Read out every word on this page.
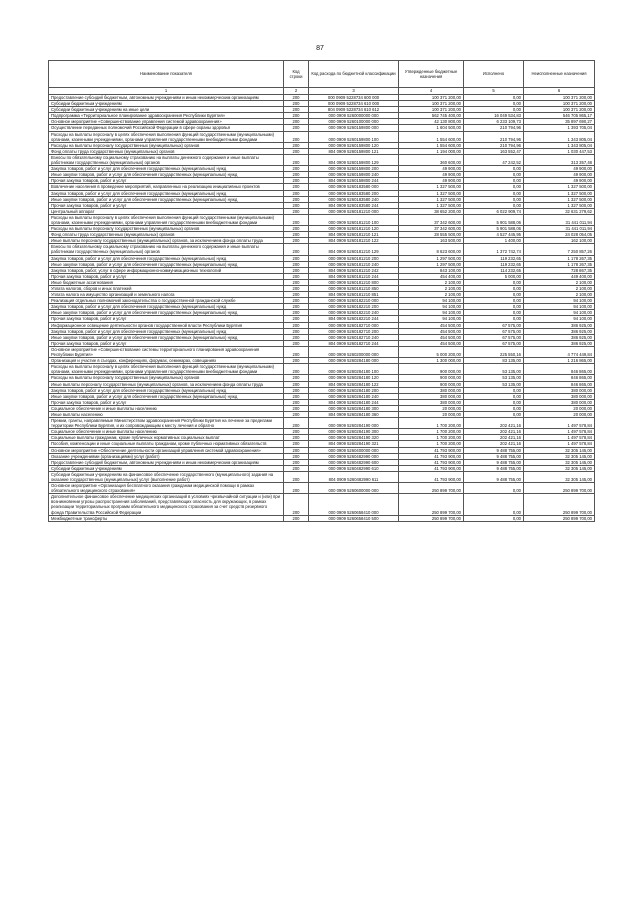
87
Наименование показателя	Код строки	Код расхода по бюджетной классификации	Утвержденные бюджетные назначения	Исполнено	Неисполненные назначения
1	2	3	4	5	6
Предоставление субсидий бюджетным, автономным учреждениям и иным некоммерческим организациям	200	000 0909 5228734 600 000	100 371 200,00	0,00	100 371 200,00
Субсидии бюджетным учреждениям	200	000 0909 5228734 610 000	100 371 200,00	0,00	100 371 200,00
Субсидии бюджетным учреждениям на иные цели	200	804 0909 5228734 610 612	100 371 200,00	0,00	100 371 200,00
Подпрограмма «Территориальное планирование здравоохранения Республики Бурятия»	200	000 0909 5260000000 000	562 745 400,00	16 049 534,83	546 705 865,17
Основное мероприятие «Совершенствование управления системой здравоохранения»	200	000 0909 5260100000 000	42 130 800,00	6 233 109,73	35 897 690,27
Осуществление переданных полномочий Российской Федерации в сфере охраны здоровья	200	000 0909 5260159800 000	1 604 500,00	210 794,96	1 393 705,04
Расходы на выплаты персоналу в целях обеспечения выполнения функций государственными (муниципальными) органами, казенными учреждениями, органами управления государственными внебюджетными фондами	200	000 0909 5260159800 100	1 554 600,00	210 794,96	1 343 805,04
Расходы на выплаты персоналу государственных (муниципальных) органов	200	000 0909 5260159800 120	1 554 600,00	210 794,96	1 343 805,04
Фонд оплаты труда государственных (муниципальных) органов	200	804 0909 5260159800 121	1 194 000,00	163 552,47	1 030 447,53
Взносы по обязательному социальному страхованию на выплаты денежного содержания и иные выплаты работникам государственных (муниципальных) органов	200	804 0909 5260159800 129	360 600,00	47 242,52	313 357,48
Закупка товаров, работ и услуг для обеспечения государственных (муниципальных) нужд	200	000 0909 5260159800 200	49 900,00	0,00	49 900,00
Иные закупки товаров, работ и услуг для обеспечения государственных (муниципальных) нужд	200	000 0909 5260159800 240	49 900,00	0,00	49 900,00
Прочая закупка товаров, работ и услуг	200	804 0909 5260159800 244	49 900,00	0,00	49 900,00
Вовлечение населения в проведение мероприятий, направленных на реализацию инициативных проектов	200	000 0909 5260183580 000	1 327 500,00	0,00	1 327 500,00
Закупка товаров, работ и услуг для обеспечения государственных (муниципальных) нужд	200	000 0909 5260183580 200	1 327 500,00	0,00	1 327 500,00
Иные закупки товаров, работ и услуг для обеспечения государственных (муниципальных) нужд	200	000 0909 5260183580 240	1 327 500,00	0,00	1 327 500,00
Прочая закупка товаров, работ и услуг	200	804 0909 5260183580 244	1 327 500,00	0,00	1 327 500,00
Центральный аппарат	200	000 0909 5260181210 000	38 652 200,00	6 022 909,74	32 631 279,62
Расходы на выплаты персоналу в целях обеспечения выполнения функций государственными (муниципальными) органами, казенными учреждениями, органами управления государственными внебюджетными фондами	200	000 0909 5260181210 100	37 342 600,00	5 901 588,06	31 441 011,94
Расходы на выплаты персоналу государственных (муниципальных) органов	200	000 0909 5260181210 120	37 342 600,00	5 901 588,06	31 441 011,94
Фонд оплаты труда государственных (муниципальных) органов	200	804 0909 5260181210 121	28 555 500,00	4 527 445,95	24 028 054,05
Иные выплаты персоналу государственных (муниципальных) органов, за исключением фонда оплаты труда	200	804 0909 5260181210 122	163 500,00	1 400,00	162 100,00
Взносы по обязательному социальному страхованию на выплаты денежного содержания и иные выплаты работникам государственных (муниципальных) органов	200	804 0909 5260181210 129	8 623 600,00	1 372 742,74	7 250 857,26
Закупка товаров, работ и услуг для обеспечения государственных (муниципальных) нужд	200	000 0909 5260181210 200	1 297 500,00	119 232,65	1 178 267,35
Иные закупки товаров, работ и услуг для обеспечения государственных (муниципальных) нужд	200	000 0909 5260181210 240	1 297 500,00	119 232,65	1 178 267,35
Закупка товаров, работ, услуг в сфере информационно-коммуникационных технологий	200	804 0909 5260181210 242	843 100,00	114 232,65	728 867,35
Прочая закупка товаров, работ и услуг	200	804 0909 5260181210 244	454 400,00	5 000,00	449 400,00
Иные бюджетные ассигнования	200	000 0909 5260181210 800	2 100,00	0,00	2 100,00
Уплата налогов, сборов и иных платежей	200	000 0909 5260181210 850	2 100,00	0,00	2 100,00
Уплата налога на имущество организаций и земельного налога	200	804 0909 5260181210 851	2 100,00	0,00	2 100,00
Реализация отдельных полномочий законодательства о государственной гражданской службе	200	000 0909 5260182210 000	94 100,00	0,00	94 100,00
Закупка товаров, работ и услуг для обеспечения государственных (муниципальных) нужд	200	000 0909 5260182210 200	94 100,00	0,00	94 100,00
Иные закупки товаров, работ и услуг для обеспечения государственных (муниципальных) нужд	200	000 0909 5260182210 240	94 100,00	0,00	94 100,00
Прочая закупка товаров, работ и услуг	200	804 0909 5260182210 244	94 100,00	0,00	94 100,00
Информационное освещение деятельности органов государственной власти Республики Бурятия	200	000 0909 5260182710 000	454 500,00	67 575,00	386 925,00
Закупка товаров, работ и услуг для обеспечения государственных (муниципальных) нужд	200	000 0909 5260182710 200	454 500,00	67 575,00	386 925,00
Иные закупки товаров, работ и услуг для обеспечения государственных (муниципальных) нужд	200	000 0909 5260182710 240	454 500,00	67 575,00	386 925,00
Прочая закупка товаров, работ и услуг	200	804 0909 5260182710 244	454 500,00	67 575,00	386 925,00
Основное мероприятие «Совершенствование системы территориального планирования здравоохранения Республики Бурятия»	200	000 0909 5260200000 000	5 000 200,00	225 550,16	4 774 449,84
Организация и участие в съездах, конференциях, форумах, семинарах, совещаниях	200	000 0909 5260284180 000	1 300 000,00	83 135,00	1 216 865,00
Расходы на выплаты персоналу в целях обеспечения выполнения функций государственными (муниципальными) органами, казенными учреждениями, органами управления государственными внебюджетными фондами	200	000 0909 5260284180 100	900 000,00	53 135,00	846 865,00
Расходы на выплаты персоналу государственных (муниципальных) органов	200	000 0909 5260284180 120	900 000,00	53 135,00	846 865,00
Иные выплаты персоналу государственных (муниципальных) органов, за исключением фонда оплаты труда	200	804 0909 5260284180 122	900 000,00	53 135,00	846 865,00
Закупка товаров, работ и услуг для обеспечения государственных (муниципальных) нужд	200	000 0909 5260284180 200	380 000,00	0,00	380 000,00
Иные закупки товаров, работ и услуг для обеспечения государственных (муниципальных) нужд	200	000 0909 5260284180 240	380 000,00	0,00	380 000,00
Прочая закупка товаров, работ и услуг	200	804 0909 5260284180 244	380 000,00	0,00	380 000,00
Социальное обеспечение и иные выплаты населению	200	000 0909 5260284180 300	20 000,00	0,00	20 000,00
Иные выплаты населению	200	804 0909 5260284180 360	20 000,00	0,00	20 000,00
Премии, гранты, направляемые Министерством здравоохранения Республики Бурятия на лечение за пределами территории Республики Бурятия, и их сопровождающим к месту лечения и обратно	200	000 0909 5260284190 000	1 700 200,00	202 421,16	1 497 578,84
Социальное обеспечение и иные выплаты населению	200	000 0909 5260284190 300	1 700 200,00	202 421,16	1 497 578,84
Социальные выплаты гражданам, кроме публичных нормативных социальных выплат	200	000 0909 5260284190 320	1 700 200,00	202 421,16	1 497 578,84
Пособия, компенсации и иные социальные выплаты гражданам, кроме публичных нормативных обязательств	200	804 0909 5260284190 321	1 700 200,00	202 421,16	1 497 578,84
Основное мероприятие «Обеспечение деятельности организаций управления системой здравоохранения»	200	000 0909 5260400000 000	41 793 900,00	9 488 755,00	32 305 145,00
Оказание учреждениями (организациями) услуг (работ)	200	000 0909 5260482990 000	41 793 900,00	9 488 755,00	32 305 145,00
Предоставление субсидий бюджетным, автономным учреждениям и иным некоммерческим организациям	200	000 0909 5260482990 600	41 793 900,00	9 488 755,00	32 305 145,00
Субсидии бюджетным учреждениям	200	000 0909 5260482990 610	41 793 900,00	9 488 755,00	32 305 145,00
Субсидии бюджетным учреждениям на финансовое обеспечение государственного (муниципального) задания на оказание государственных (муниципальных) услуг (выполнение работ)	200	804 0909 5260482990 611	41 793 900,00	9 488 755,00	32 305 145,00
Основное мероприятие «Организация бесплатного оказания гражданам медицинской помощи в рамках обязательного медицинского страхования»	200	000 0909 5260600000 000	250 899 700,00	0,00	250 899 700,00
Дополнительное финансовое обеспечение медицинских организаций в условиях чрезвычайной ситуации и (или) при возникновении угрозы распространения заболеваний, представляющих опасность для окружающих, в рамках реализации территориальных программ обязательного медицинского страхования за счет средств резервного фонда Правительства Российской Федерации	200	000 0909 5260658410 000	250 899 700,00	0,00	250 899 700,00
Межбюджетные трансферты	200	000 0909 5260658410 500	250 899 700,00	0,00	250 899 700,00
